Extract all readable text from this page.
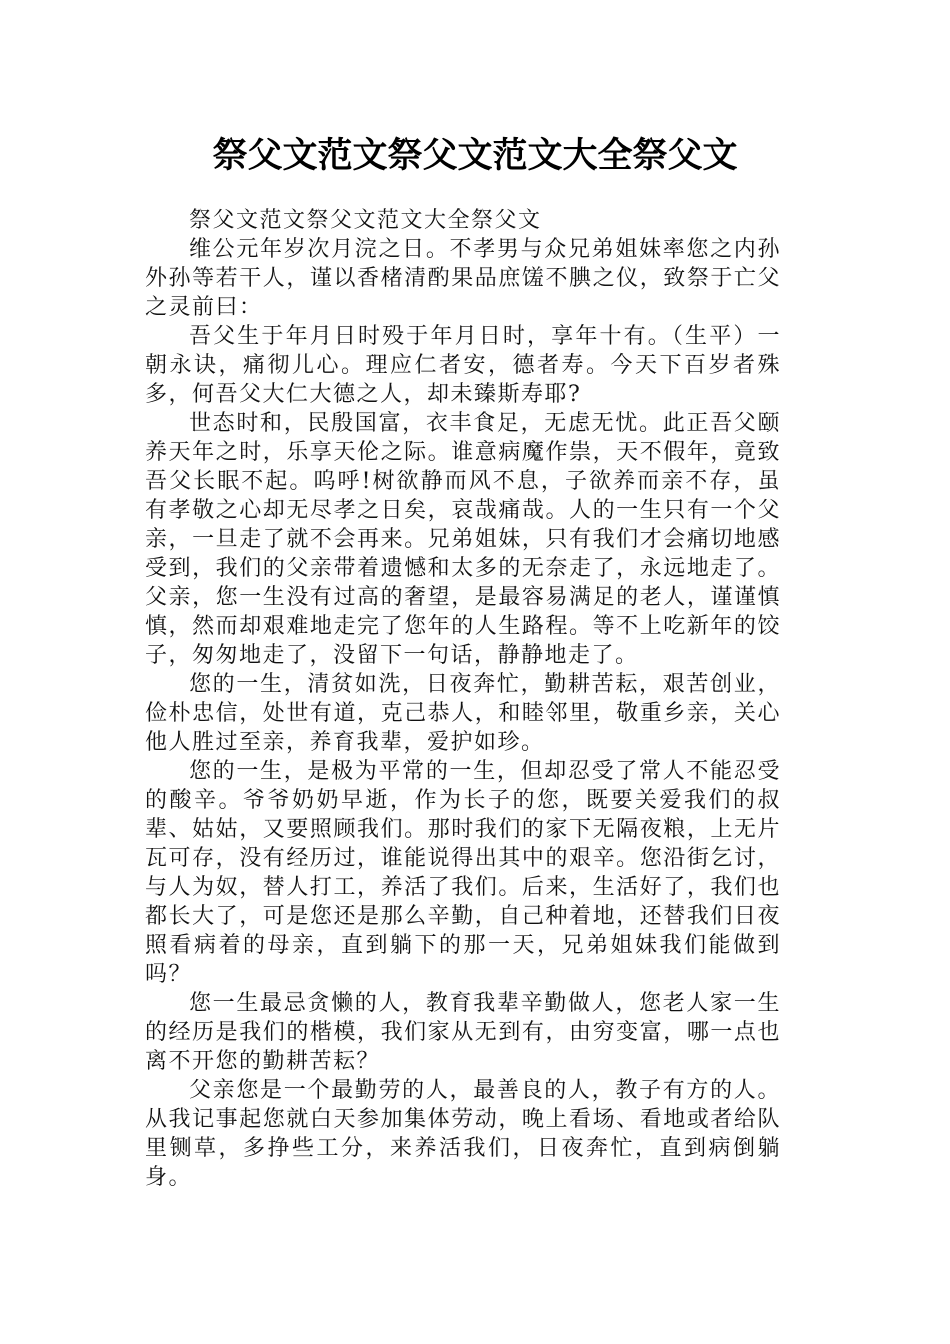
祭父文范文祭父文范文大全祭父文

祭父文范文祭父文范文大全祭父文

维公元年岁次月浣之日。不孝男与众兄弟姐妹率您之内孙外孙等若干人，谨以香楮清酌果品庶馐不腆之仪，致祭于亡父之灵前曰：

吾父生于年月日时殁于年月日时，享年十有。（生平）一朝永诀，痛彻儿心。理应仁者安，德者寿。今天下百岁者殊多，何吾父大仁大德之人，却未臻斯寿耶?

世态时和，民殷国富，衣丰食足，无虑无忧。此正吾父颐养天年之时，乐享天伦之际。谁意病魔作祟，天不假年，竟致吾父长眠不起。呜呼!树欲静而风不息，子欲养而亲不存，虽有孝敬之心却无尽孝之日矣，哀哉痛哉。人的一生只有一个父亲，一旦走了就不会再来。兄弟姐妹，只有我们才会痛切地感受到，我们的父亲带着遗憾和太多的无奈走了，永远地走了。父亲，您一生没有过高的奢望，是最容易满足的老人，谨谨慎慎，然而却艰难地走完了您年的人生路程。等不上吃新年的饺子，匆匆地走了，没留下一句话，静静地走了。

您的一生，清贫如洗，日夜奔忙，勤耕苦耘，艰苦创业，俭朴忠信，处世有道，克己恭人，和睦邻里，敬重乡亲，关心他人胜过至亲，养育我辈，爱护如珍。

您的一生，是极为平常的一生，但却忍受了常人不能忍受的酸辛。爷爷奶奶早逝，作为长子的您，既要关爱我们的叔辈、姑姑，又要照顾我们。那时我们的家下无隔夜粮，上无片瓦可存，没有经历过，谁能说得出其中的艰辛。您沿街乞讨，与人为奴，替人打工，养活了我们。后来，生活好了，我们也都长大了，可是您还是那么辛勤，自己种着地，还替我们日夜照看病着的母亲，直到躺下的那一天，兄弟姐妹我们能做到吗？

您一生最忌贪懒的人，教育我辈辛勤做人，您老人家一生的经历是我们的楷模，我们家从无到有，由穷变富，哪一点也离不开您的勤耕苦耘？

父亲您是一个最勤劳的人，最善良的人，教子有方的人。从我记事起您就白天参加集体劳动，晚上看场、看地或者给队里铡草，多挣些工分，来养活我们，日夜奔忙，直到病倒躺身。
